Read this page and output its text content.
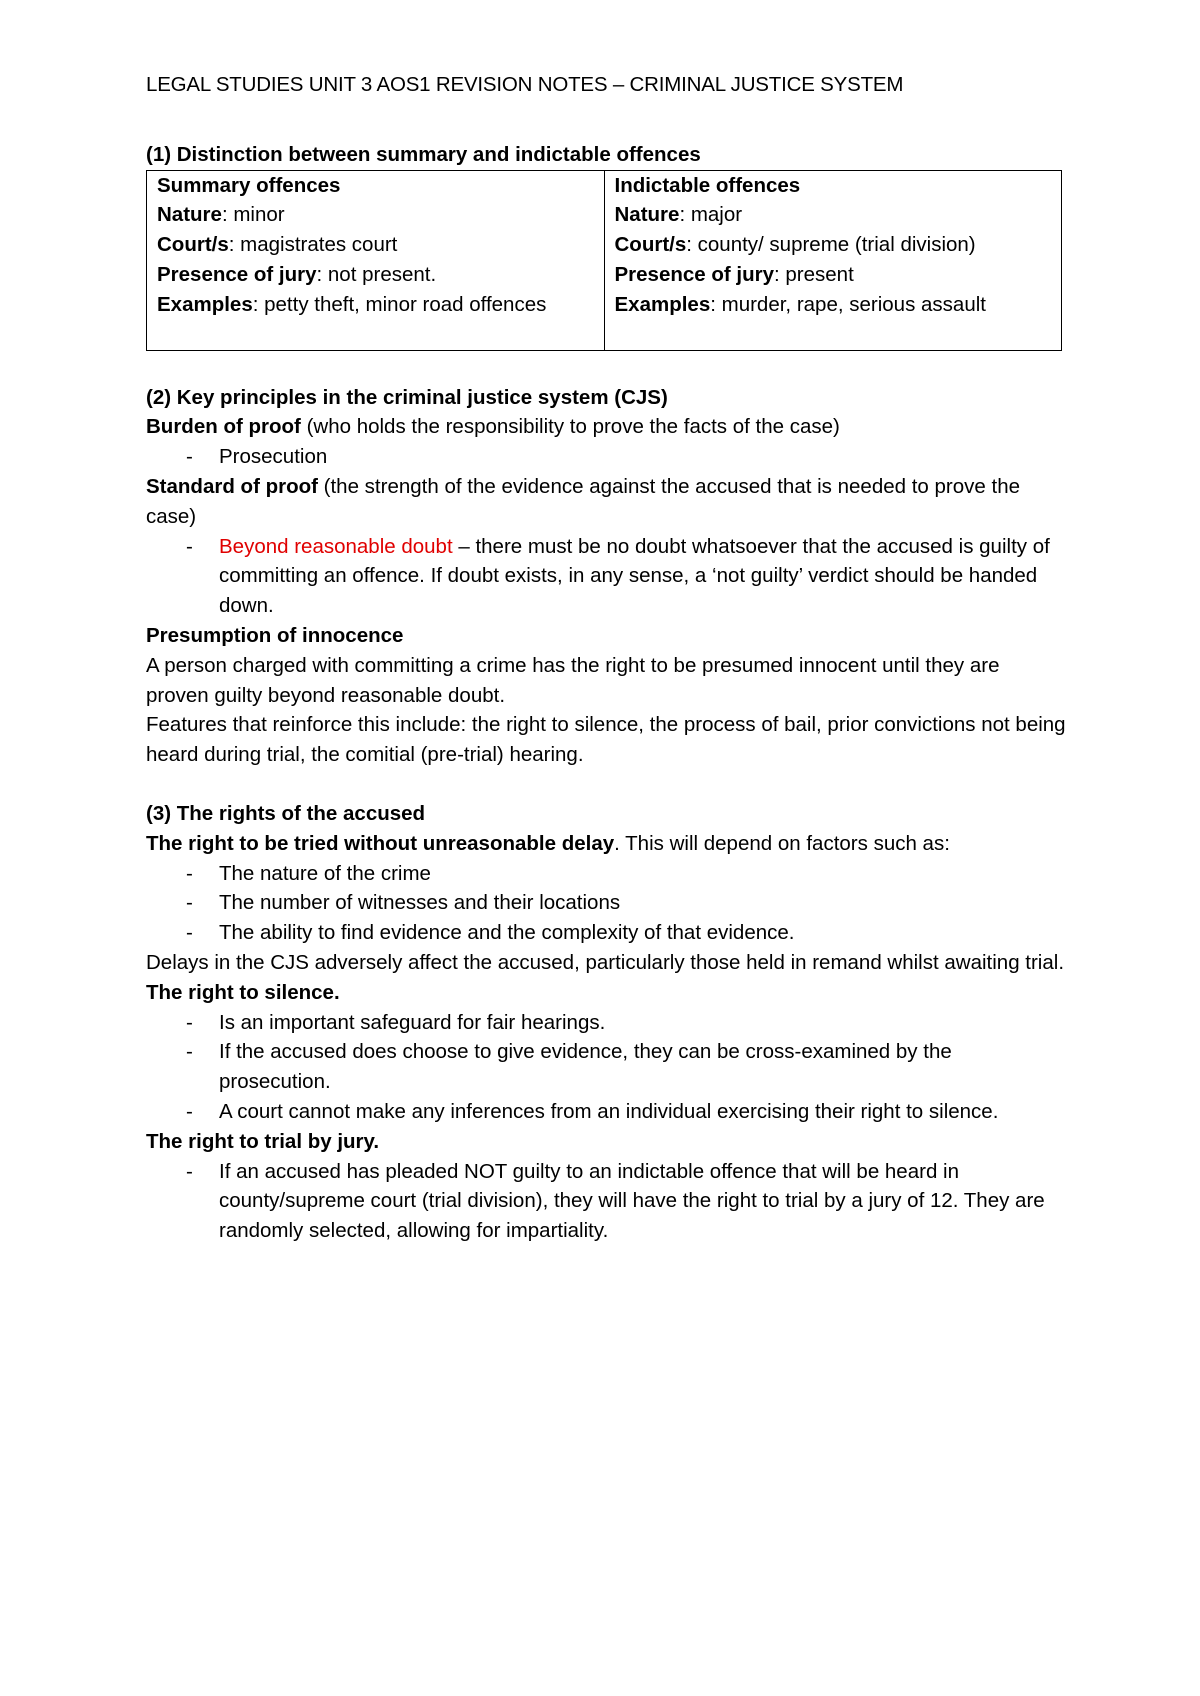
LEGAL STUDIES UNIT 3 AOS1 REVISION NOTES – CRIMINAL JUSTICE SYSTEM

(1) Distinction between summary and indictable offences

Summary offences
Nature: minor
Court/s: magistrates court
Presence of jury: not present.
Examples: petty theft, minor road offences

Indictable offences
Nature: major
Court/s: county/ supreme (trial division)
Presence of jury: present
Examples: murder, rape, serious assault

(2) Key principles in the criminal justice system (CJS)

Burden of proof (who holds the responsibility to prove the facts of the case)

- Prosecution

Standard of proof (the strength of the evidence against the accused that is needed to prove the case)

- Beyond reasonable doubt – there must be no doubt whatsoever that the accused is guilty of committing an offence. If doubt exists, in any sense, a ‘not guilty’ verdict should be handed down.

Presumption of innocence

A person charged with committing a crime has the right to be presumed innocent until they are proven guilty beyond reasonable doubt.

Features that reinforce this include: the right to silence, the process of bail, prior convictions not being heard during trial, the comitial (pre-trial) hearing.

(3) The rights of the accused

The right to be tried without unreasonable delay. This will depend on factors such as:

- The nature of the crime
- The number of witnesses and their locations
- The ability to find evidence and the complexity of that evidence.

Delays in the CJS adversely affect the accused, particularly those held in remand whilst awaiting trial.

The right to silence.

- Is an important safeguard for fair hearings.
- If the accused does choose to give evidence, they can be cross-examined by the prosecution.
- A court cannot make any inferences from an individual exercising their right to silence.

The right to trial by jury.

- If an accused has pleaded NOT guilty to an indictable offence that will be heard in county/supreme court (trial division), they will have the right to trial by a jury of 12. They are randomly selected, allowing for impartiality.
